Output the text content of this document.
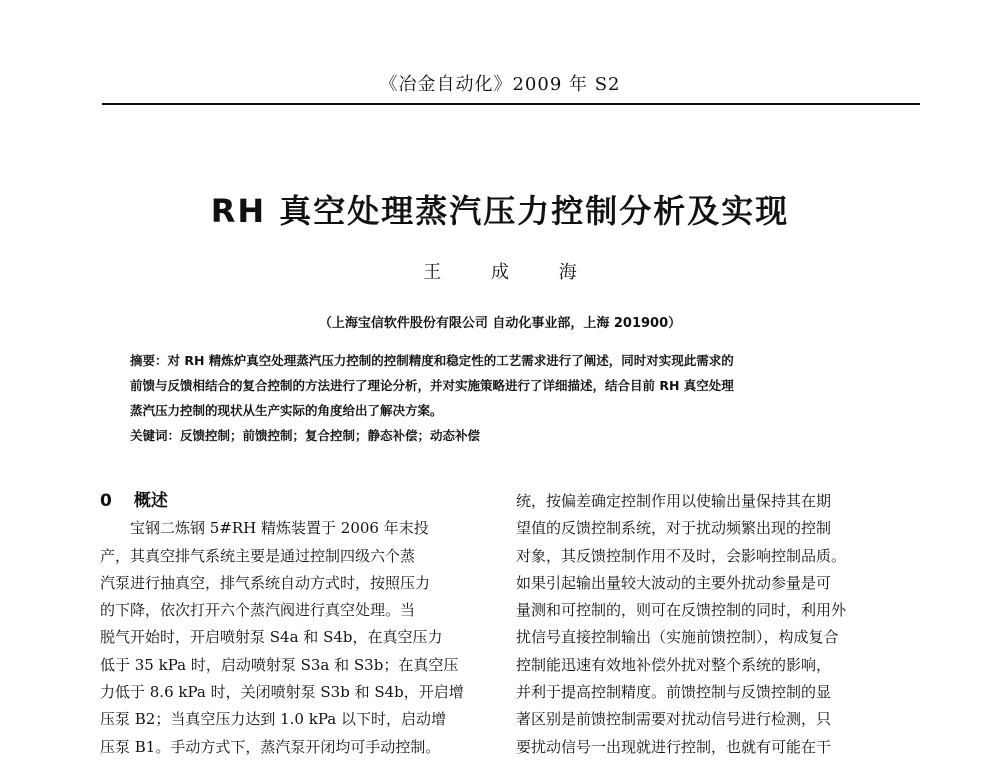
《冶金自动化》2009 年 S2
RH 真空处理蒸汽压力控制分析及实现
王 成 海
（上海宝信软件股份有限公司 自动化事业部，上海 201900）
摘要：对 RH 精炼炉真空处理蒸汽压力控制的控制精度和稳定性的工艺需求进行了阐述，同时对实现此需求的
前馈与反馈相结合的复合控制的方法进行了理论分析，并对实施策略进行了详细描述，结合目前 RH 真空处理
蒸汽压力控制的现状从生产实际的角度给出了解决方案。
关键词：反馈控制；前馈控制；复合控制；静态补偿；动态补偿
0 概述
　　宝钢二炼钢 5#RH 精炼装置于 2006 年末投
产，其真空排气系统主要是通过控制四级六个蒸
汽泵进行抽真空，排气系统自动方式时，按照压力
的下降，依次打开六个蒸汽阀进行真空处理。当
脱气开始时，开启喷射泵 S4a 和 S4b，在真空压力
低于 35 kPa 时，启动喷射泵 S3a 和 S3b；在真空压
力低于 8.6 kPa 时，关闭喷射泵 S3b 和 S4b，开启增
压泵 B2；当真空压力达到 1.0 kPa 以下时，启动增
压泵 B1。手动方式下，蒸汽泵开闭均可手动控制。
统，按偏差确定控制作用以使输出量保持其在期
望值的反馈控制系统，对于扰动频繁出现的控制
对象，其反馈控制作用不及时，会影响控制品质。
如果引起输出量较大波动的主要外扰动参量是可
量测和可控制的，则可在反馈控制的同时，利用外
扰信号直接控制输出（实施前馈控制），构成复合
控制能迅速有效地补偿外扰对整个系统的影响，
并利于提高控制精度。前馈控制与反馈控制的显
著区别是前馈控制需要对扰动信号进行检测，只
要扰动信号一出现就进行控制，也就有可能在干
